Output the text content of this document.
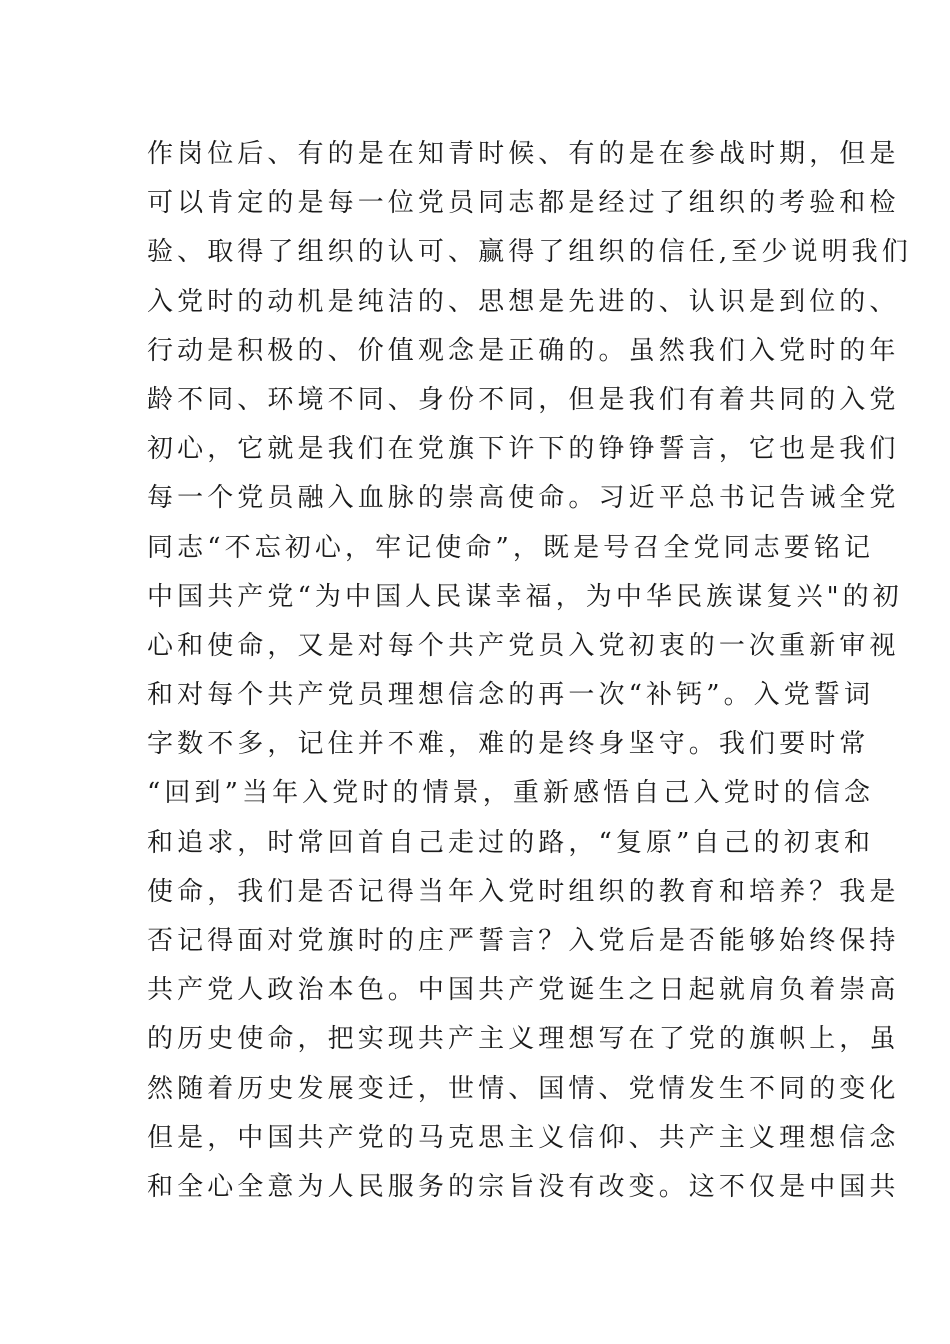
作岗位后、有的是在知青时候、有的是在参战时期，但是
可以肯定的是每一位党员同志都是经过了组织的考验和检
验、取得了组织的认可、赢得了组织的信任,至少说明我们
入党时的动机是纯洁的、思想是先进的、认识是到位的、
行动是积极的、价值观念是正确的。虽然我们入党时的年
龄不同、环境不同、身份不同，但是我们有着共同的入党
初心，它就是我们在党旗下许下的铮铮誓言，它也是我们
每一个党员融入血脉的崇高使命。习近平总书记告诫全党
同志“不忘初心，牢记使命”，既是号召全党同志要铭记
中国共产党“为中国人民谋幸福，为中华民族谋复兴"的初
心和使命，又是对每个共产党员入党初衷的一次重新审视
和对每个共产党员理想信念的再一次“补钙”。入党誓词
字数不多，记住并不难，难的是终身坚守。我们要时常
“回到”当年入党时的情景，重新感悟自己入党时的信念
和追求，时常回首自己走过的路，“复原”自己的初衷和
使命，我们是否记得当年入党时组织的教育和培养？我是
否记得面对党旗时的庄严誓言？入党后是否能够始终保持
共产党人政治本色。中国共产党诞生之日起就肩负着崇高
的历史使命，把实现共产主义理想写在了党的旗帜上，虽
然随着历史发展变迁，世情、国情、党情发生不同的变化
但是，中国共产党的马克思主义信仰、共产主义理想信念
和全心全意为人民服务的宗旨没有改变。这不仅是中国共
